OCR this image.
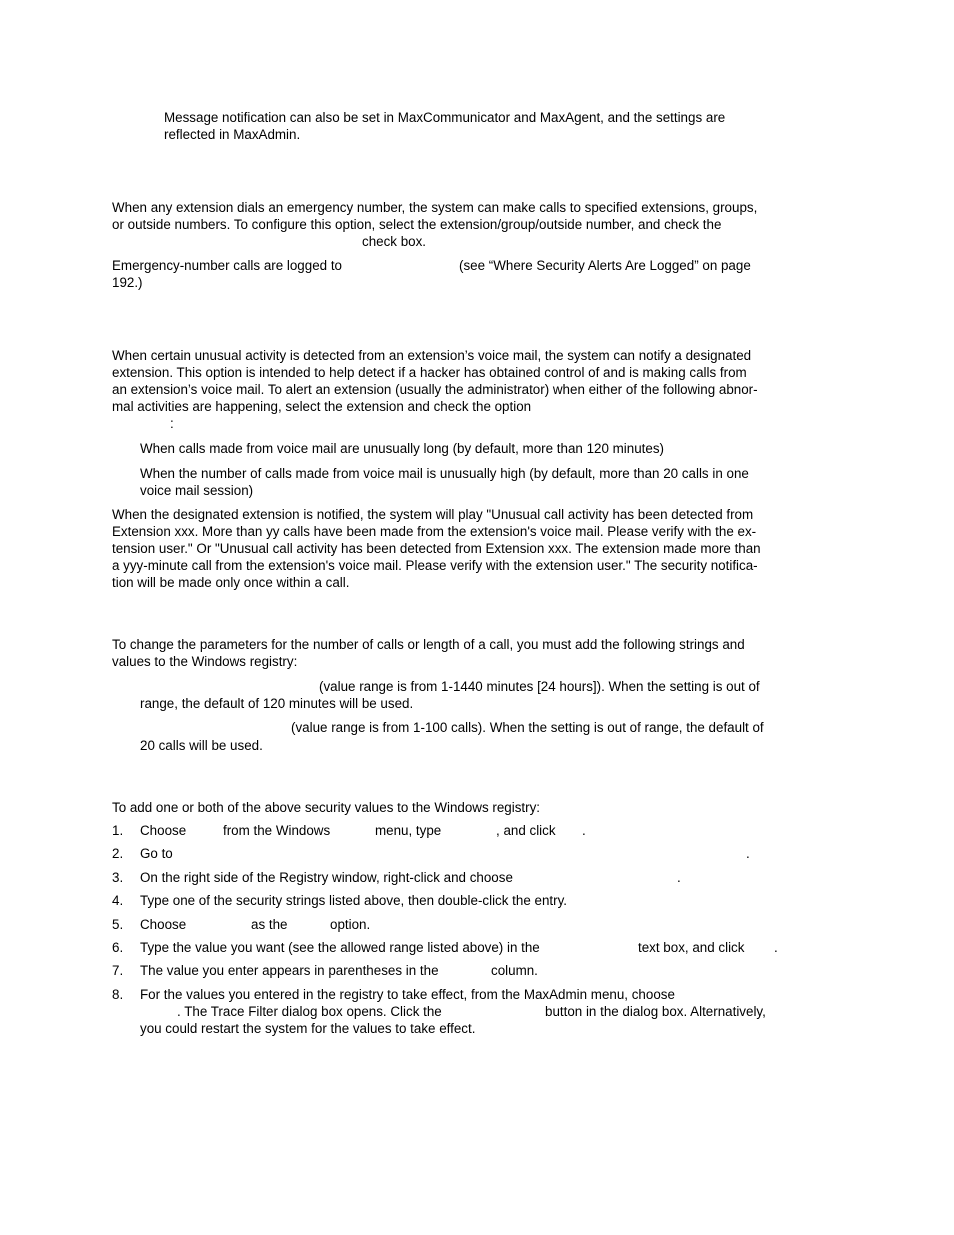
Message notification can also be set in MaxCommunicator and MaxAgent, and the settings are
reflected in MaxAdmin.
When any extension dials an emergency number, the system can make calls to specified extensions, groups,
or outside numbers. To configure this option, select the extension/group/outside number, and check the
check box.
Emergency-number calls are logged to	(see “Where Security Alerts Are Logged” on page
192.)
When certain unusual activity is detected from an extension’s voice mail, the system can notify a designated
extension. This option is intended to help detect if a hacker has obtained control of and is making calls from
an extension’s voice mail. To alert an extension (usually the administrator) when either of the following abnor-
mal activities are happening, select the extension and check the option
:
When calls made from voice mail are unusually long (by default, more than 120 minutes)
When the number of calls made from voice mail is unusually high (by default, more than 20 calls in one
voice mail session)
When the designated extension is notified, the system will play "Unusual call activity has been detected from
Extension xxx. More than yy calls have been made from the extension's voice mail. Please verify with the ex-
tension user." Or "Unusual call activity has been detected from Extension xxx. The extension made more than
a yyy-minute call from the extension's voice mail. Please verify with the extension user." The security notifica-
tion will be made only once within a call.
To change the parameters for the number of calls or length of a call, you must add the following strings and
values to the Windows registry:
(value range is from 1-1440 minutes [24 hours]). When the setting is out of
range, the default of 120 minutes will be used.
(value range is from 1-100 calls). When the setting is out of range, the default of
20 calls will be used.
To add one or both of the above security values to the Windows registry:
1. Choose	from the Windows	menu, type	, and click .
2. Go to	.
3. On the right side of the Registry window, right-click and choose	.
4. Type one of the security strings listed above, then double-click the entry.
5. Choose	as the	option.
6. Type the value you want (see the allowed range listed above) in the	text box, and click .
7. The value you enter appears in parentheses in the	column.
8. For the values you entered in the registry to take effect, from the MaxAdmin menu, choose
. The Trace Filter dialog box opens. Click the	button in the dialog box. Alternatively,
you could restart the system for the values to take effect.
